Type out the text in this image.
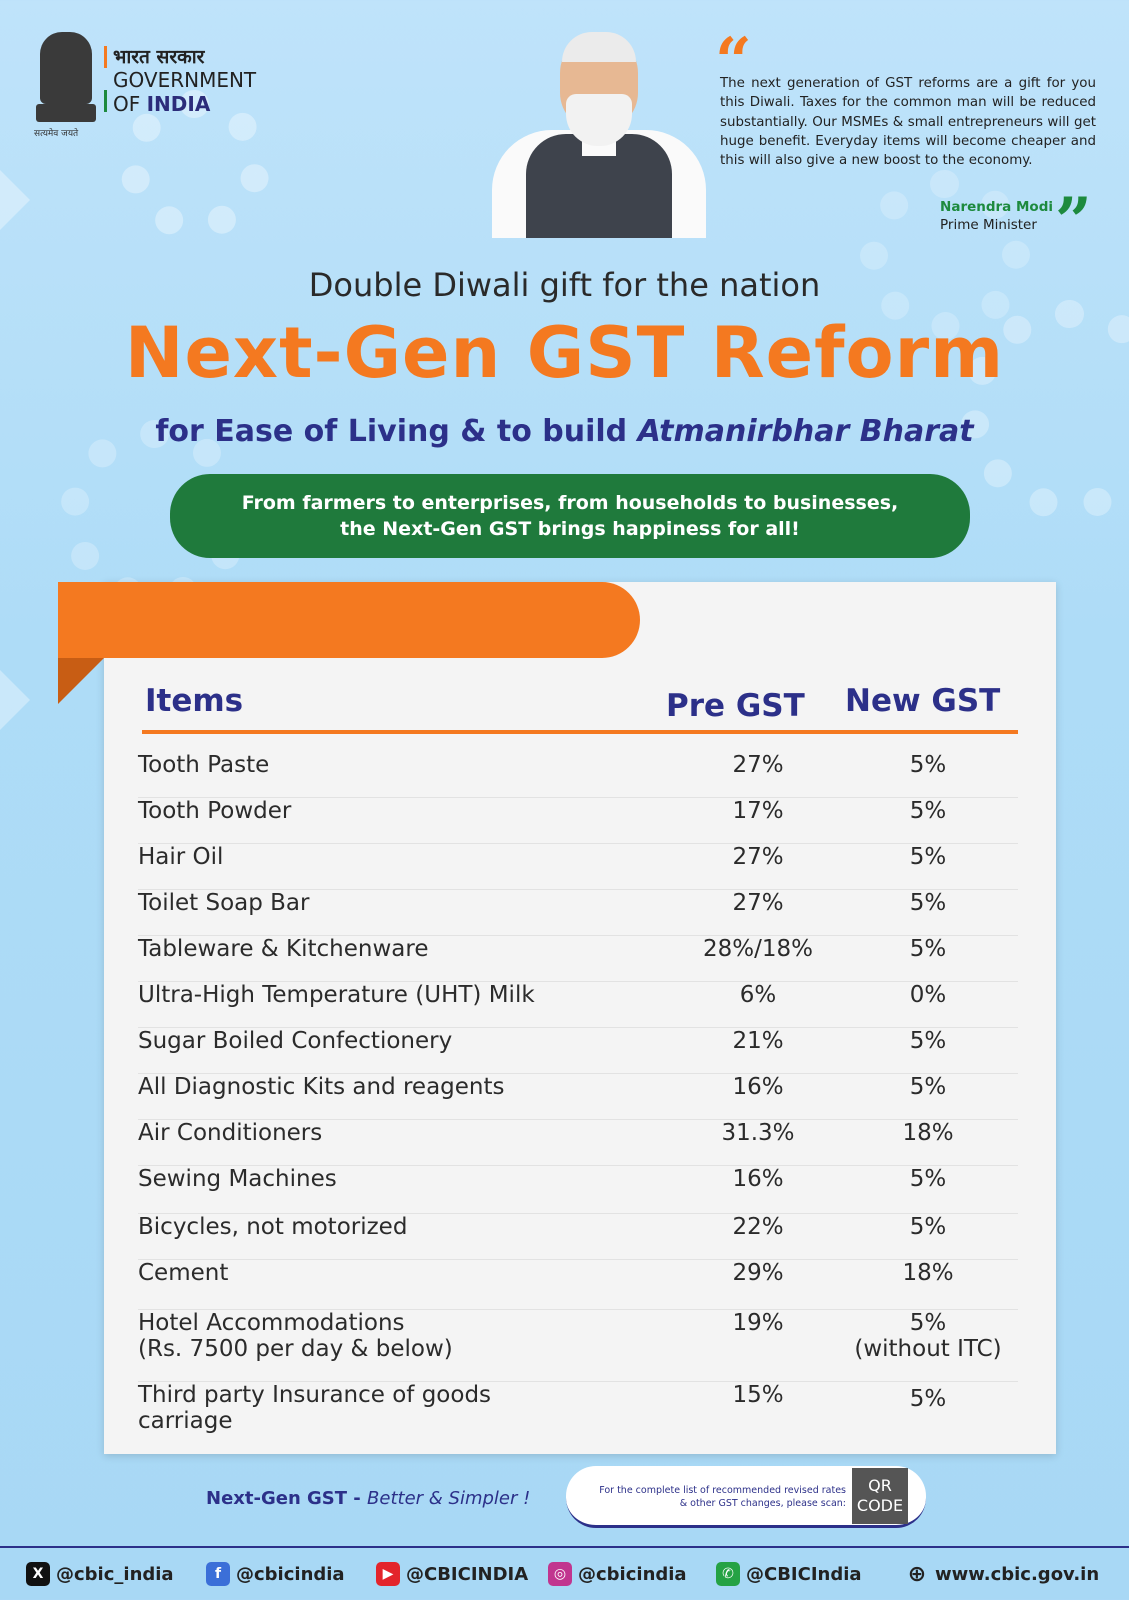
सत्यमेव जयते
भारत सरकार
GOVERNMENT
OF INDIA
“
The next generation of GST reforms are a gift for you this Diwali. Taxes for the common man will be reduced substantially. Our MSMEs & small entrepreneurs will get huge benefit. Everyday items will become cheaper and this will also give a new boost to the economy.
Narendra Modi
Prime Minister ”
Double Diwali gift for the nation
Next-Gen GST Reform
for Ease of Living & to build Atmanirbhar Bharat
From farmers to enterprises, from households to businesses,
the Next-Gen GST brings happiness for all!
Items	Pre GST New GST
Tooth Paste	27%	5%
Tooth Powder	17%	5%
Hair Oil	27%	5%
Toilet Soap Bar	27%	5%
Tableware & Kitchenware	28%/18%	5%
Ultra-High Temperature (UHT) Milk	6%	0%
Sugar Boiled Confectionery	21%	5%
All Diagnostic Kits and reagents	16%	5%
Air Conditioners	31.3%	18%
Sewing Machines	16%	5%
Bicycles, not motorized	22%	5%
Cement	29%	18%
Hotel Accommodations
(Rs. 7500 per day & below)
19%	5%
(without ITC)
Third party Insurance of goods
carriage
15%	5%
Next-Gen GST - Better & Simpler !	For the complete list of recommended revised rates
& other GST changes, please scan:
QR
CODE
X @cbic_india	f @cbicindia	▶ @CBICINDIA	◎ @cbicindia	✆ @CBICIndia ⊕ www.cbic.gov.in
